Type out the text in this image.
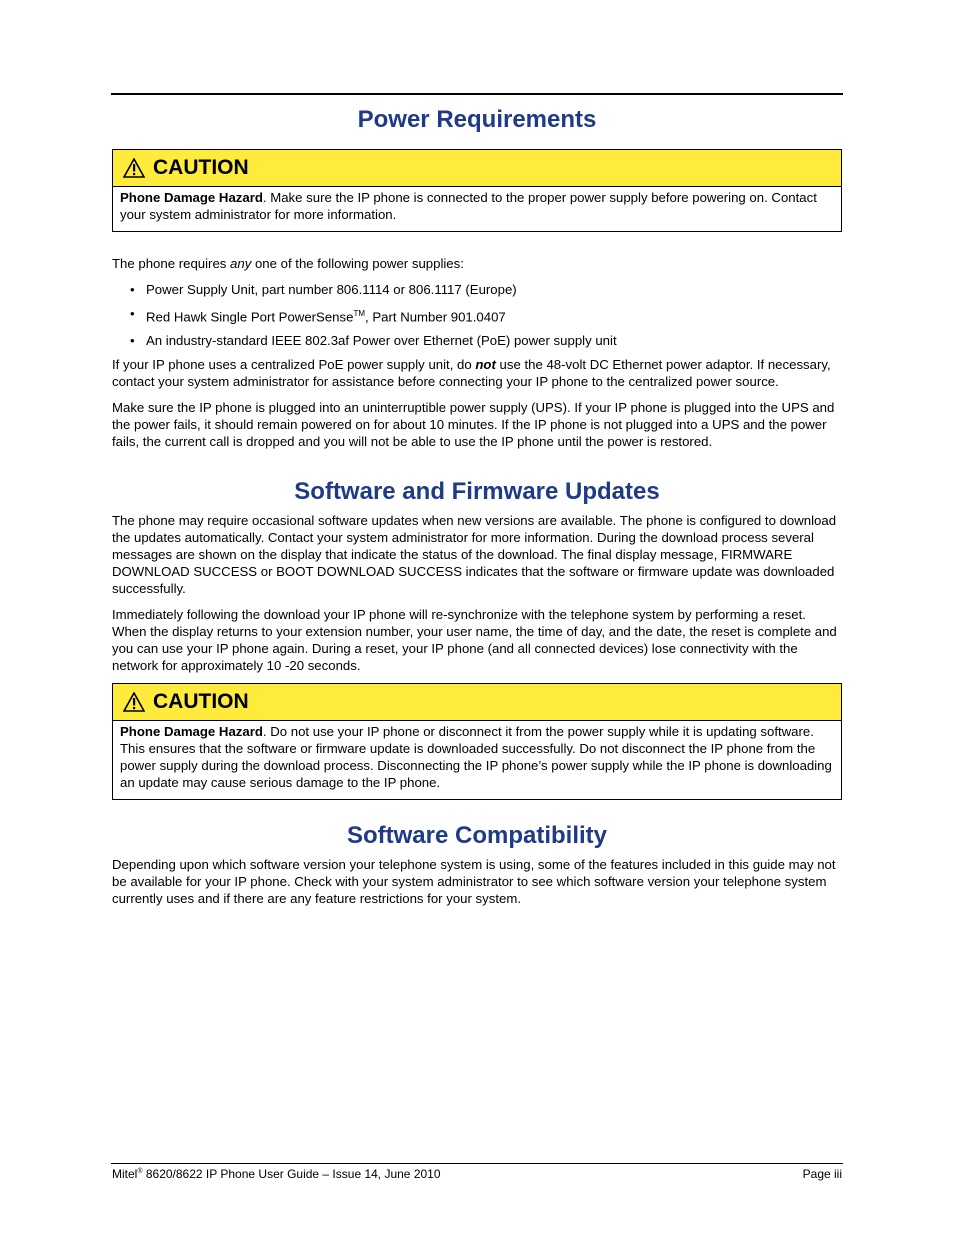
Power Requirements
CAUTION
Phone Damage Hazard. Make sure the IP phone is connected to the proper power supply before powering on. Contact your system administrator for more information.

The phone requires any one of the following power supplies:

• Power Supply Unit, part number 806.1114 or 806.1117 (Europe)
• Red Hawk Single Port PowerSense™, Part Number 901.0407
• An industry-standard IEEE 802.3af Power over Ethernet (PoE) power supply unit

If your IP phone uses a centralized PoE power supply unit, do not use the 48-volt DC Ethernet power adaptor. If necessary, contact your system administrator for assistance before connecting your IP phone to the centralized power source.

Make sure the IP phone is plugged into an uninterruptible power supply (UPS). If your IP phone is plugged into the UPS and the power fails, it should remain powered on for about 10 minutes. If the IP phone is not plugged into a UPS and the power fails, the current call is dropped and you will not be able to use the IP phone until the power is restored.

Software and Firmware Updates

The phone may require occasional software updates when new versions are available. The phone is configured to download the updates automatically. Contact your system administrator for more information. During the download process several messages are shown on the display that indicate the status of the download. The final display message, FIRMWARE DOWNLOAD SUCCESS or BOOT DOWNLOAD SUCCESS indicates that the software or firmware update was downloaded successfully.

Immediately following the download your IP phone will re-synchronize with the telephone system by performing a reset. When the display returns to your extension number, your user name, the time of day, and the date, the reset is complete and you can use your IP phone again. During a reset, your IP phone (and all connected devices) lose connectivity with the network for approximately 10 -20 seconds.

CAUTION
Phone Damage Hazard. Do not use your IP phone or disconnect it from the power supply while it is updating software. This ensures that the software or firmware update is downloaded successfully. Do not disconnect the IP phone from the power supply during the download process. Disconnecting the IP phone’s power supply while the IP phone is downloading an update may cause serious damage to the IP phone.
Software Compatibility

Depending upon which software version your telephone system is using, some of the features included in this guide may not be available for your IP phone. Check with your system administrator to see which software version your telephone system currently uses and if there are any feature restrictions for your system.

Mitel® 8620/8622 IP Phone User Guide – Issue 14, June 2010	Page iii
